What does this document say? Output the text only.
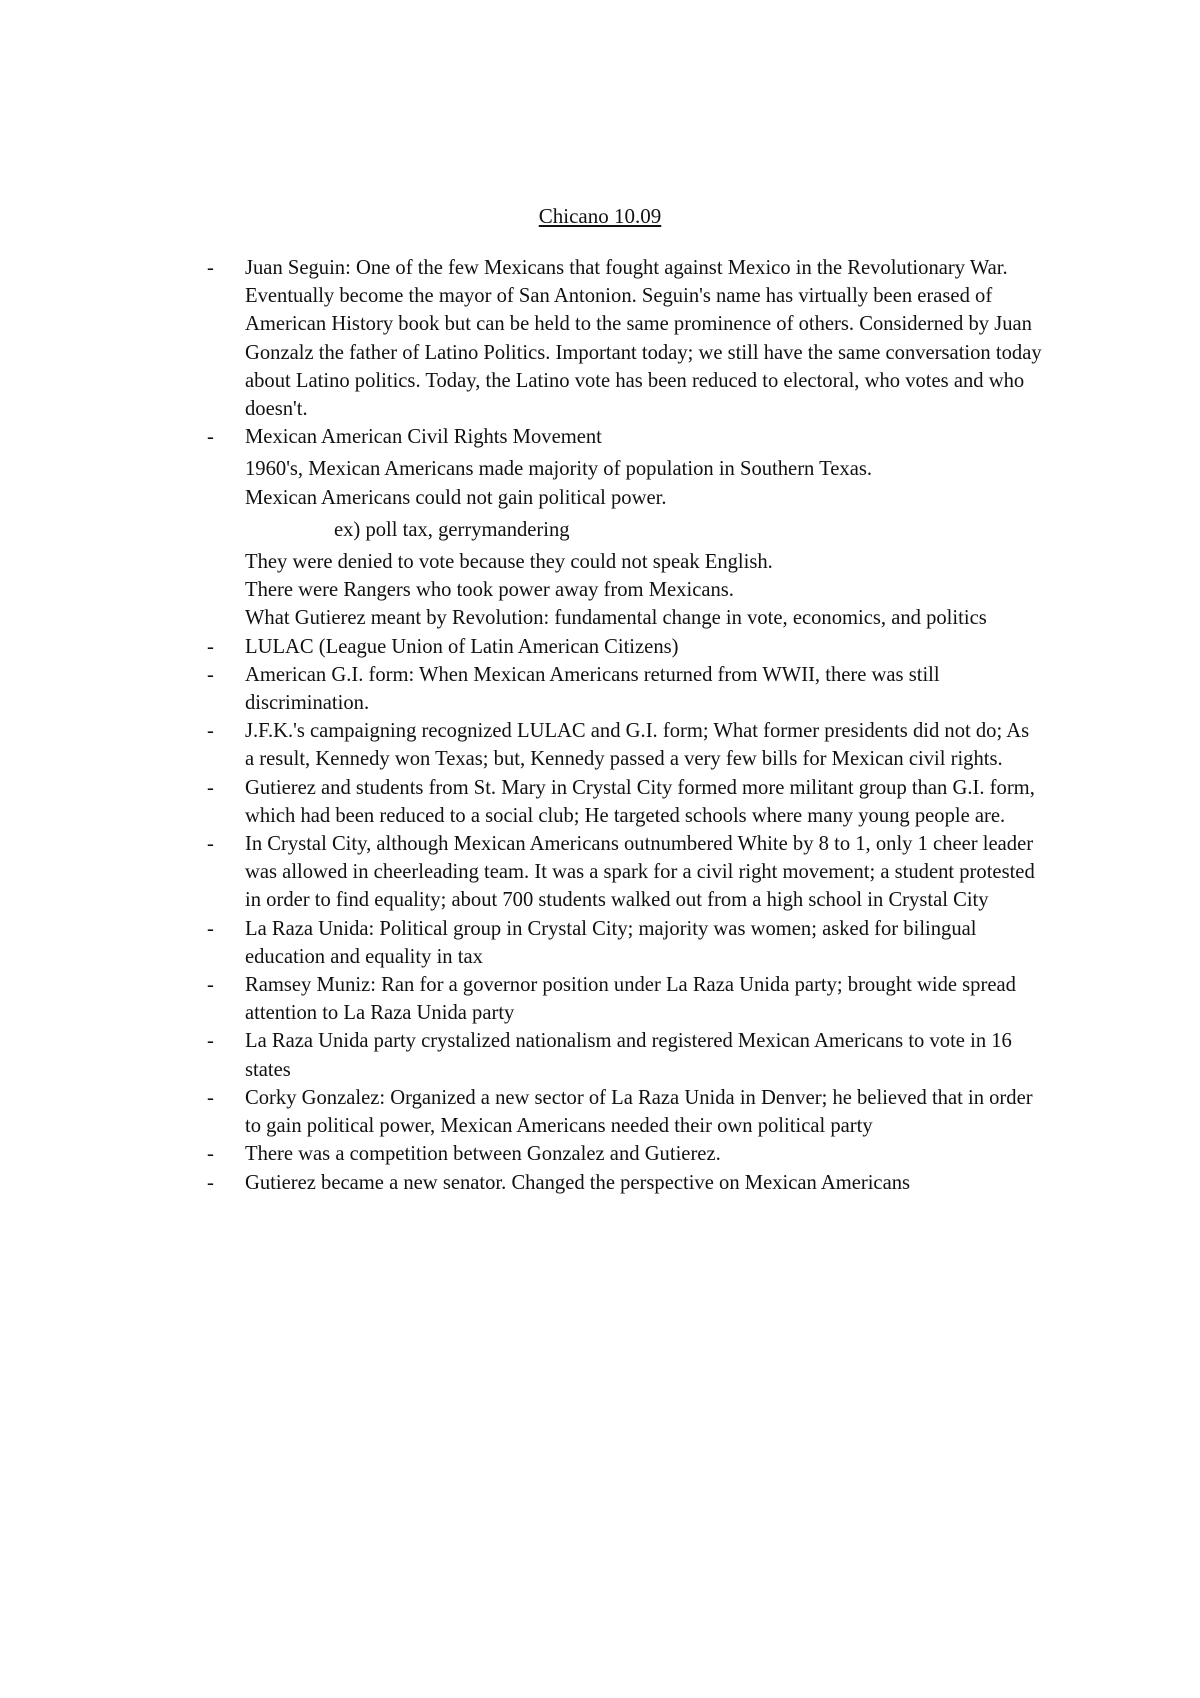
Chicano 10.09
- Juan Seguin: One of the few Mexicans that fought against Mexico in the Revolutionary War. Eventually become the mayor of San Antonion. Seguin's name has virtually been erased of American History book but can be held to the same prominence of others. Considerned by Juan Gonzalz the father of Latino Politics. Important today; we still have the same conversation today about Latino politics. Today, the Latino vote has been reduced to electoral, who votes and who doesn't.
- Mexican American Civil Rights Movement
1960's, Mexican Americans made majority of population in Southern Texas.
Mexican Americans could not gain political power.
ex) poll tax, gerrymandering
They were denied to vote because they could not speak English.
There were Rangers who took power away from Mexicans.
What Gutierez meant by Revolution: fundamental change in vote, economics, and politics
- LULAC (League Union of Latin American Citizens)
- American G.I. form: When Mexican Americans returned from WWII, there was still discrimination.
- J.F.K.'s campaigning recognized LULAC and G.I. form; What former presidents did not do; As a result, Kennedy won Texas; but, Kennedy passed a very few bills for Mexican civil rights.
- Gutierez and students from St. Mary in Crystal City formed more militant group than G.I. form, which had been reduced to a social club; He targeted schools where many young people are.
- In Crystal City, although Mexican Americans outnumbered White by 8 to 1, only 1 cheer leader was allowed in cheerleading team. It was a spark for a civil right movement; a student protested in order to find equality; about 700 students walked out from a high school in Crystal City
- La Raza Unida: Political group in Crystal City; majority was women; asked for bilingual education and equality in tax
- Ramsey Muniz: Ran for a governor position under La Raza Unida party; brought wide spread attention to La Raza Unida party
- La Raza Unida party crystalized nationalism and registered Mexican Americans to vote in 16 states
- Corky Gonzalez: Organized a new sector of La Raza Unida in Denver; he believed that in order to gain political power, Mexican Americans needed their own political party
- There was a competition between Gonzalez and Gutierez.
- Gutierez became a new senator. Changed the perspective on Mexican Americans
